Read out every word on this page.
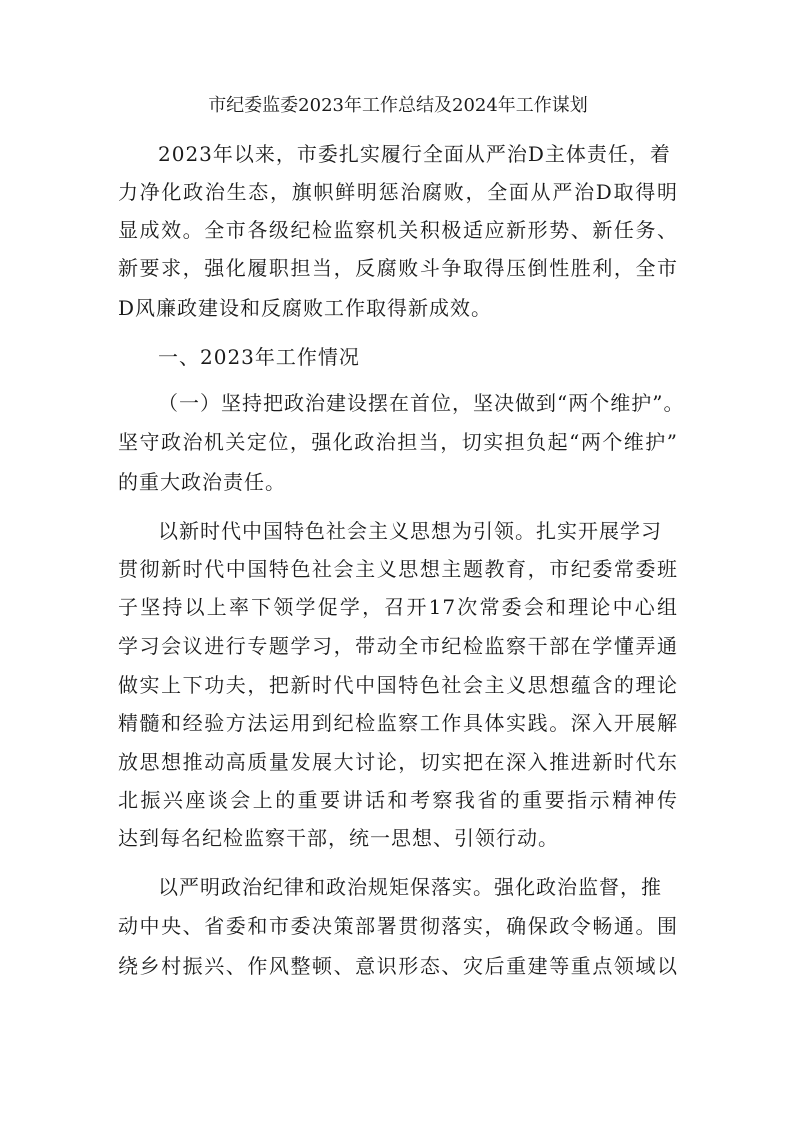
市纪委监委2023年工作总结及2024年工作谋划
2023年以来，市委扎实履行全面从严治D主体责任，着
力净化政治生态，旗帜鲜明惩治腐败，全面从严治D取得明
显成效。全市各级纪检监察机关积极适应新形势、新任务、
新要求，强化履职担当，反腐败斗争取得压倒性胜利，全市
D风廉政建设和反腐败工作取得新成效。
一、2023年工作情况
（一）坚持把政治建设摆在首位，坚决做到“两个维护”。
坚守政治机关定位，强化政治担当，切实担负起“两个维护”
的重大政治责任。
以新时代中国特色社会主义思想为引领。扎实开展学习
贯彻新时代中国特色社会主义思想主题教育，市纪委常委班
子坚持以上率下领学促学，召开17次常委会和理论中心组
学习会议进行专题学习，带动全市纪检监察干部在学懂弄通
做实上下功夫，把新时代中国特色社会主义思想蕴含的理论
精髓和经验方法运用到纪检监察工作具体实践。深入开展解
放思想推动高质量发展大讨论，切实把在深入推进新时代东
北振兴座谈会上的重要讲话和考察我省的重要指示精神传
达到每名纪检监察干部，统一思想、引领行动。
以严明政治纪律和政治规矩保落实。强化政治监督，推
动中央、省委和市委决策部署贯彻落实，确保政令畅通。围
绕乡村振兴、作风整顿、意识形态、灾后重建等重点领域以
